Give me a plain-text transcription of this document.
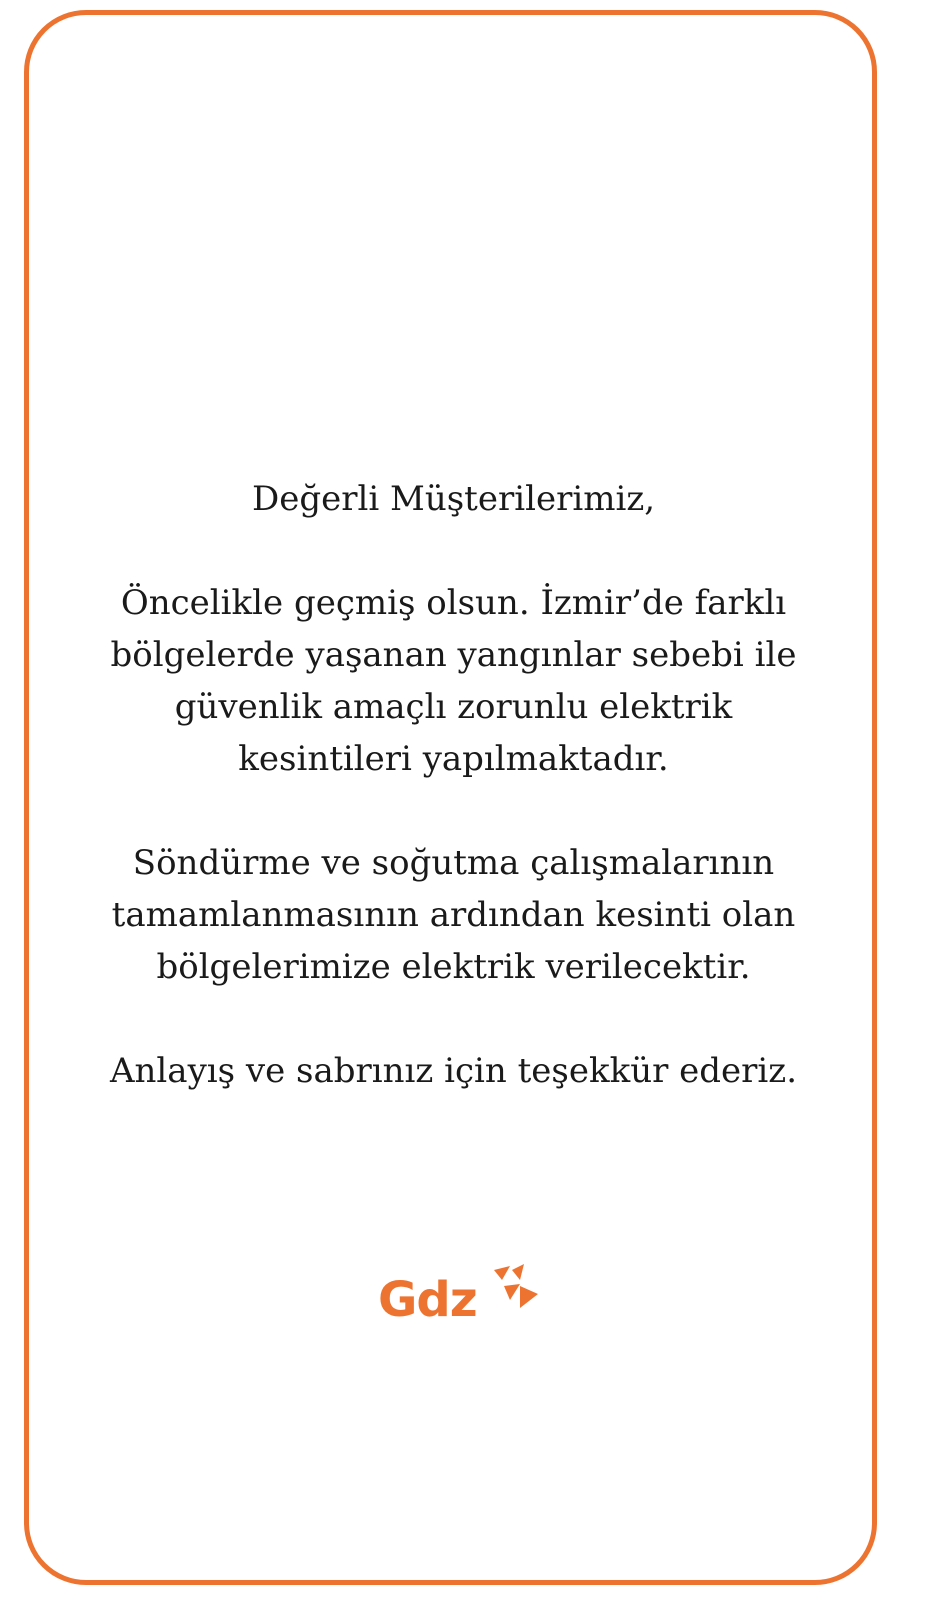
Değerli Müşterilerimiz,

Öncelikle geçmiş olsun. İzmir’de farklı
bölgelerde yaşanan yangınlar sebebi ile
güvenlik amaçlı zorunlu elektrik
kesintileri yapılmaktadır.

Söndürme ve soğutma çalışmalarının
tamamlanmasının ardından kesinti olan
bölgelerimize elektrik verilecektir.

Anlayış ve sabrınız için teşekkür ederiz.

Gdz
